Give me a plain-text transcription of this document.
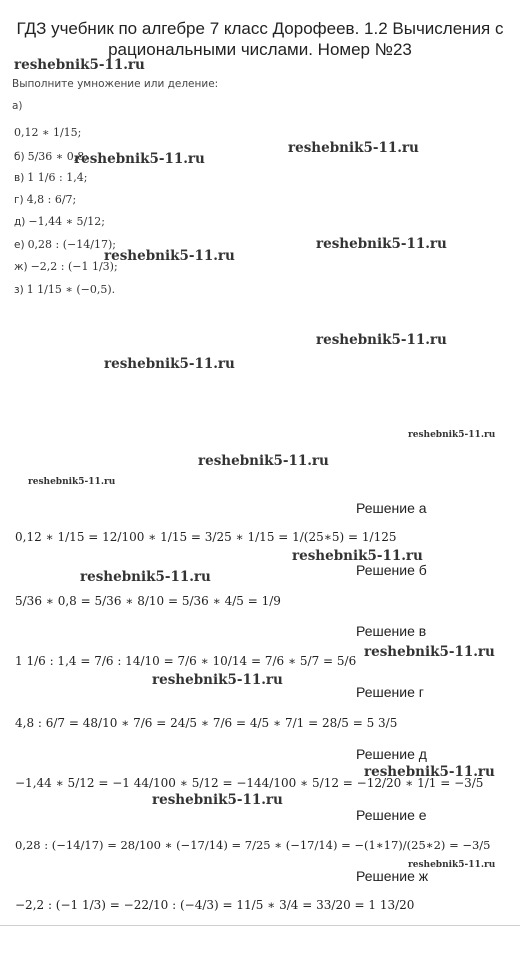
ГДЗ учебник по алгебре 7 класс Дорофеев. 1.2 Вычисления с рациональными числами. Номер №23
reshebnik5-11.ru
reshebnik5-11.ru
reshebnik5-11.ru
reshebnik5-11.ru
reshebnik5-11.ru
reshebnik5-11.ru
reshebnik5-11.ru
reshebnik5-11.ru
reshebnik5-11.ru
reshebnik5-11.ru
reshebnik5-11.ru
reshebnik5-11.ru
reshebnik5-11.ru
reshebnik5-11.ru
reshebnik5-11.ru
reshebnik5-11.ru
reshebnik5-11.ru
Выполните умножение или деление:
а)
0,12 ∗ 1/15;
б) 5/36 ∗ 0,8;
в) 1 1/6 : 1,4;
г) 4,8 : 6/7;
д) −1,44 ∗ 5/12;
е) 0,28 : (−14/17);
ж) −2,2 : (−1 1/3);
з) 1 1/15 ∗ (−0,5).
Решение а
0,12 ∗ 1/15 = 12/100 ∗ 1/15 = 3/25 ∗ 1/15 = 1/(25∗5) = 1/125
Решение б
5/36 ∗ 0,8 = 5/36 ∗ 8/10 = 5/36 ∗ 4/5 = 1/9
Решение в
1 1/6 : 1,4 = 7/6 : 14/10 = 7/6 ∗ 10/14 = 7/6 ∗ 5/7 = 5/6
Решение г
4,8 : 6/7 = 48/10 ∗ 7/6 = 24/5 ∗ 7/6 = 4/5 ∗ 7/1 = 28/5 = 5 3/5
Решение д
−1,44 ∗ 5/12 = −1 44/100 ∗ 5/12 = −144/100 ∗ 5/12 = −12/20 ∗ 1/1 = −3/5
Решение е
0,28 : (−14/17) = 28/100 ∗ (−17/14) = 7/25 ∗ (−17/14) = −(1∗17)/(25∗2) = −3/5
Решение ж
−2,2 : (−1 1/3) = −22/10 : (−4/3) = 11/5 ∗ 3/4 = 33/20 = 1 13/20
